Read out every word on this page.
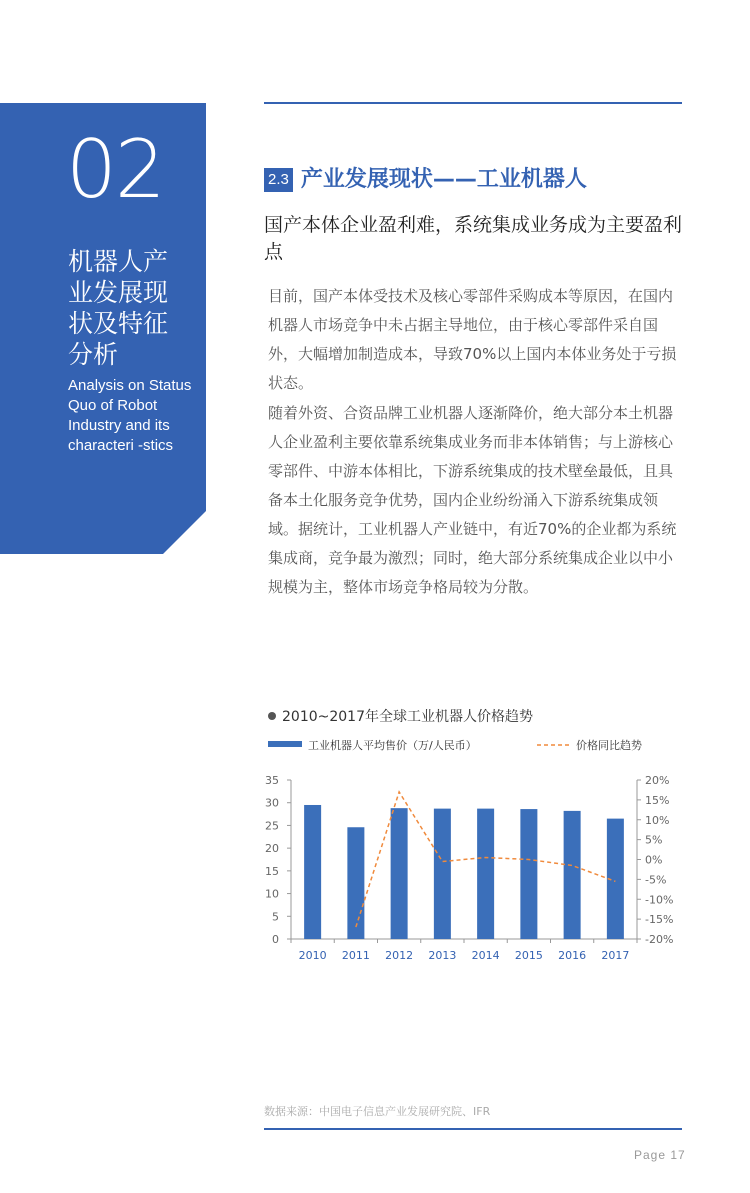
02
机器人产业发展现状及特征分析
Analysis on Status Quo of Robot Industry and its characteri -stics
2.3 产业发展现状——工业机器人
国产本体企业盈利难，系统集成业务成为主要盈利点

目前，国产本体受技术及核心零部件采购成本等原因，在国内机器人市场竞争中未占据主导地位，由于核心零部件采自国外，大幅增加制造成本，导致70%以上国内本体业务处于亏损状态。

随着外资、合资品牌工业机器人逐渐降价，绝大部分本土机器人企业盈利主要依靠系统集成业务而非本体销售；与上游核心零部件、中游本体相比，下游系统集成的技术壁垒最低，且具备本土化服务竞争优势，国内企业纷纷涌入下游系统集成领域。据统计，工业机器人产业链中，有近70%的企业都为系统集成商，竞争最为激烈；同时，绝大部分系统集成企业以中小规模为主，整体市场竞争格局较为分散。

2010~2017年全球工业机器人价格趋势
工业机器人平均售价（万/人民币）	价格同比趋势
0
5
10
15
20
25
30
35
-20%
-15%
-10%
-5%
0%
5%
10%
15%
20%
2010 2011 2012 2013 2014 2015 2016 2017
数据来源：中国电子信息产业发展研究院、IFR
Page 17
